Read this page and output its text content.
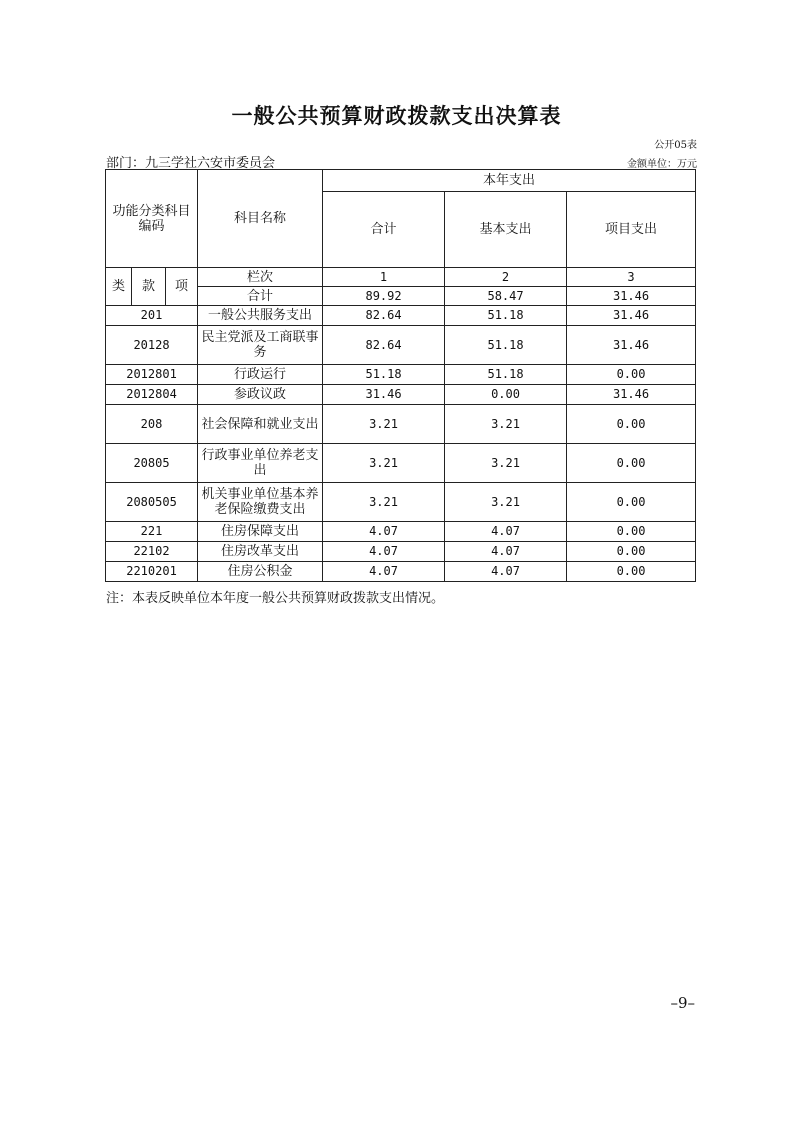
一般公共预算财政拨款支出决算表
公开05表
部门：九三学社六安市委员会	金额单位：万元
功能分类科目编码			科目名称	本年支出		
				合计	基本支出	项目支出
类	款	项	栏次	1	2	3
			合计	89.92	58.47	31.46
201			一般公共服务支出	82.64	51.18	31.46
20128			民主党派及工商联事务	82.64	51.18	31.46
2012801			行政运行	51.18	51.18	0.00
2012804			参政议政	31.46	0.00	31.46
208			社会保障和就业支出	3.21	3.21	0.00
20805			行政事业单位养老支出	3.21	3.21	0.00
2080505			机关事业单位基本养老保险缴费支出	3.21	3.21	0.00
221			住房保障支出	4.07	4.07	0.00
22102			住房改革支出	4.07	4.07	0.00
2210201			住房公积金	4.07	4.07	0.00
注：本表反映单位本年度一般公共预算财政拨款支出情况。
–9–
